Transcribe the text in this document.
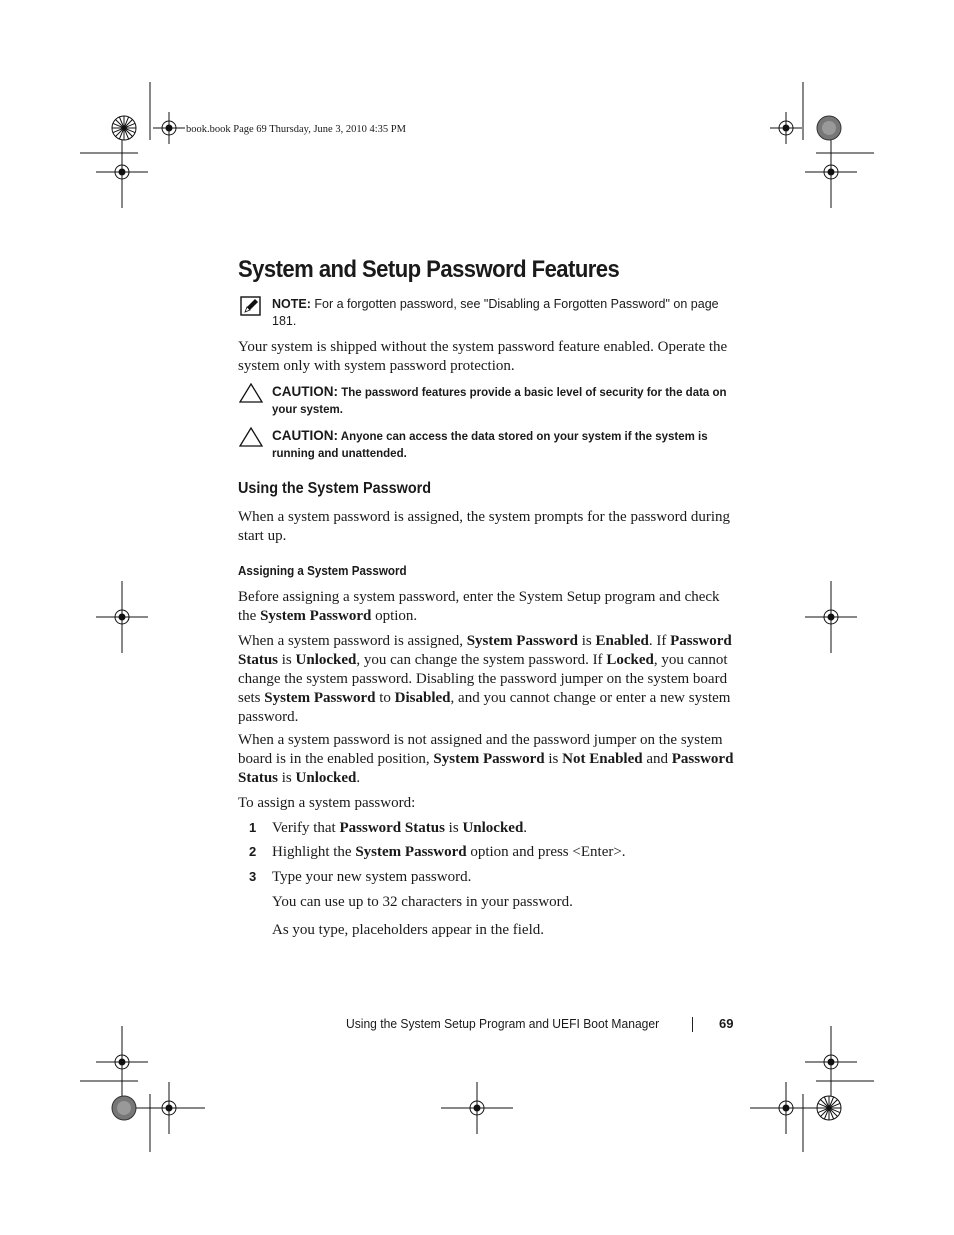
book.book Page 69 Thursday, June 3, 2010 4:35 PM
System and Setup Password Features
NOTE: For a forgotten password, see "Disabling a Forgotten Password" on page 181.
Your system is shipped without the system password feature enabled. Operate the system only with system password protection.
CAUTION: The password features provide a basic level of security for the data on your system.
CAUTION: Anyone can access the data stored on your system if the system is running and unattended.
Using the System Password
When a system password is assigned, the system prompts for the password during start up.
Assigning a System Password
Before assigning a system password, enter the System Setup program and check the System Password option.
When a system password is assigned, System Password is Enabled. If Password Status is Unlocked, you can change the system password. If Locked, you cannot change the system password. Disabling the password jumper on the system board sets System Password to Disabled, and you cannot change or enter a new system password.
When a system password is not assigned and the password jumper on the system board is in the enabled position, System Password is Not Enabled and Password Status is Unlocked.
To assign a system password:
1 Verify that Password Status is Unlocked.
2 Highlight the System Password option and press <Enter>.
3 Type your new system password.
You can use up to 32 characters in your password.
As you type, placeholders appear in the field.
Using the System Setup Program and UEFI Boot Manager	69
